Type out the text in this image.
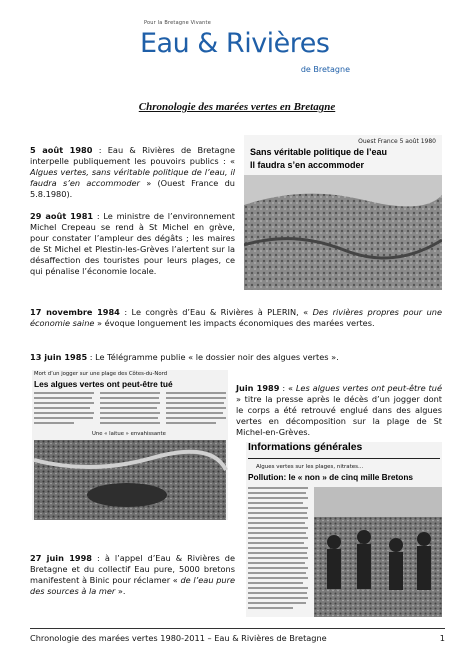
Pour la Bretagne Vivante
Eau & Rivières
de Bretagne
Chronologie des marées vertes en Bretagne
5 août 1980 : Eau & Rivières de Bretagne interpelle publiquement les pouvoirs publics : « Algues vertes, sans véritable politique de l’eau, il faudra s’en accommoder » (Ouest France du 5.8.1980).
Ouest France 5 août 1980
Sans véritable politique de l’eau
Il faudra s’en accommoder
29 août 1981 : Le ministre de l’environnement Michel Crepeau se rend à St Michel en grève, pour constater l’ampleur des dégâts ; les maires de St Michel et Plestin-les-Grèves l’alertent sur la désaffection des touristes pour leurs plages, ce qui pénalise l’économie locale.
17 novembre 1984 : Le congrès d’Eau & Rivières à PLERIN, « Des rivières propres pour une économie saine » évoque longuement les impacts économiques des marées vertes.
13 juin 1985 : Le Télégramme publie « le dossier noir des algues vertes ».
Mort d’un jogger sur une plage des Côtes-du-Nord
Les algues vertes ont peut-être tué
Une « laitue » envahissante
Juin 1989 : « Les algues vertes ont peut-être tué » titre la presse après le décès d’un jogger dont le corps a été retrouvé englué dans des algues vertes en décomposition sur la plage de St Michel-en-Grèves.
Informations générales
Algues vertes sur les plages, nitrates...
Pollution: le « non » de cinq mille Bretons
27 juin 1998 : à l’appel d’Eau & Rivières de Bretagne et du collectif Eau pure, 5000 bretons manifestent à Binic pour réclamer « de l’eau pure des sources à la mer ».
Chronologie des marées vertes 1980-2011 – Eau & Rivières de Bretagne	1
